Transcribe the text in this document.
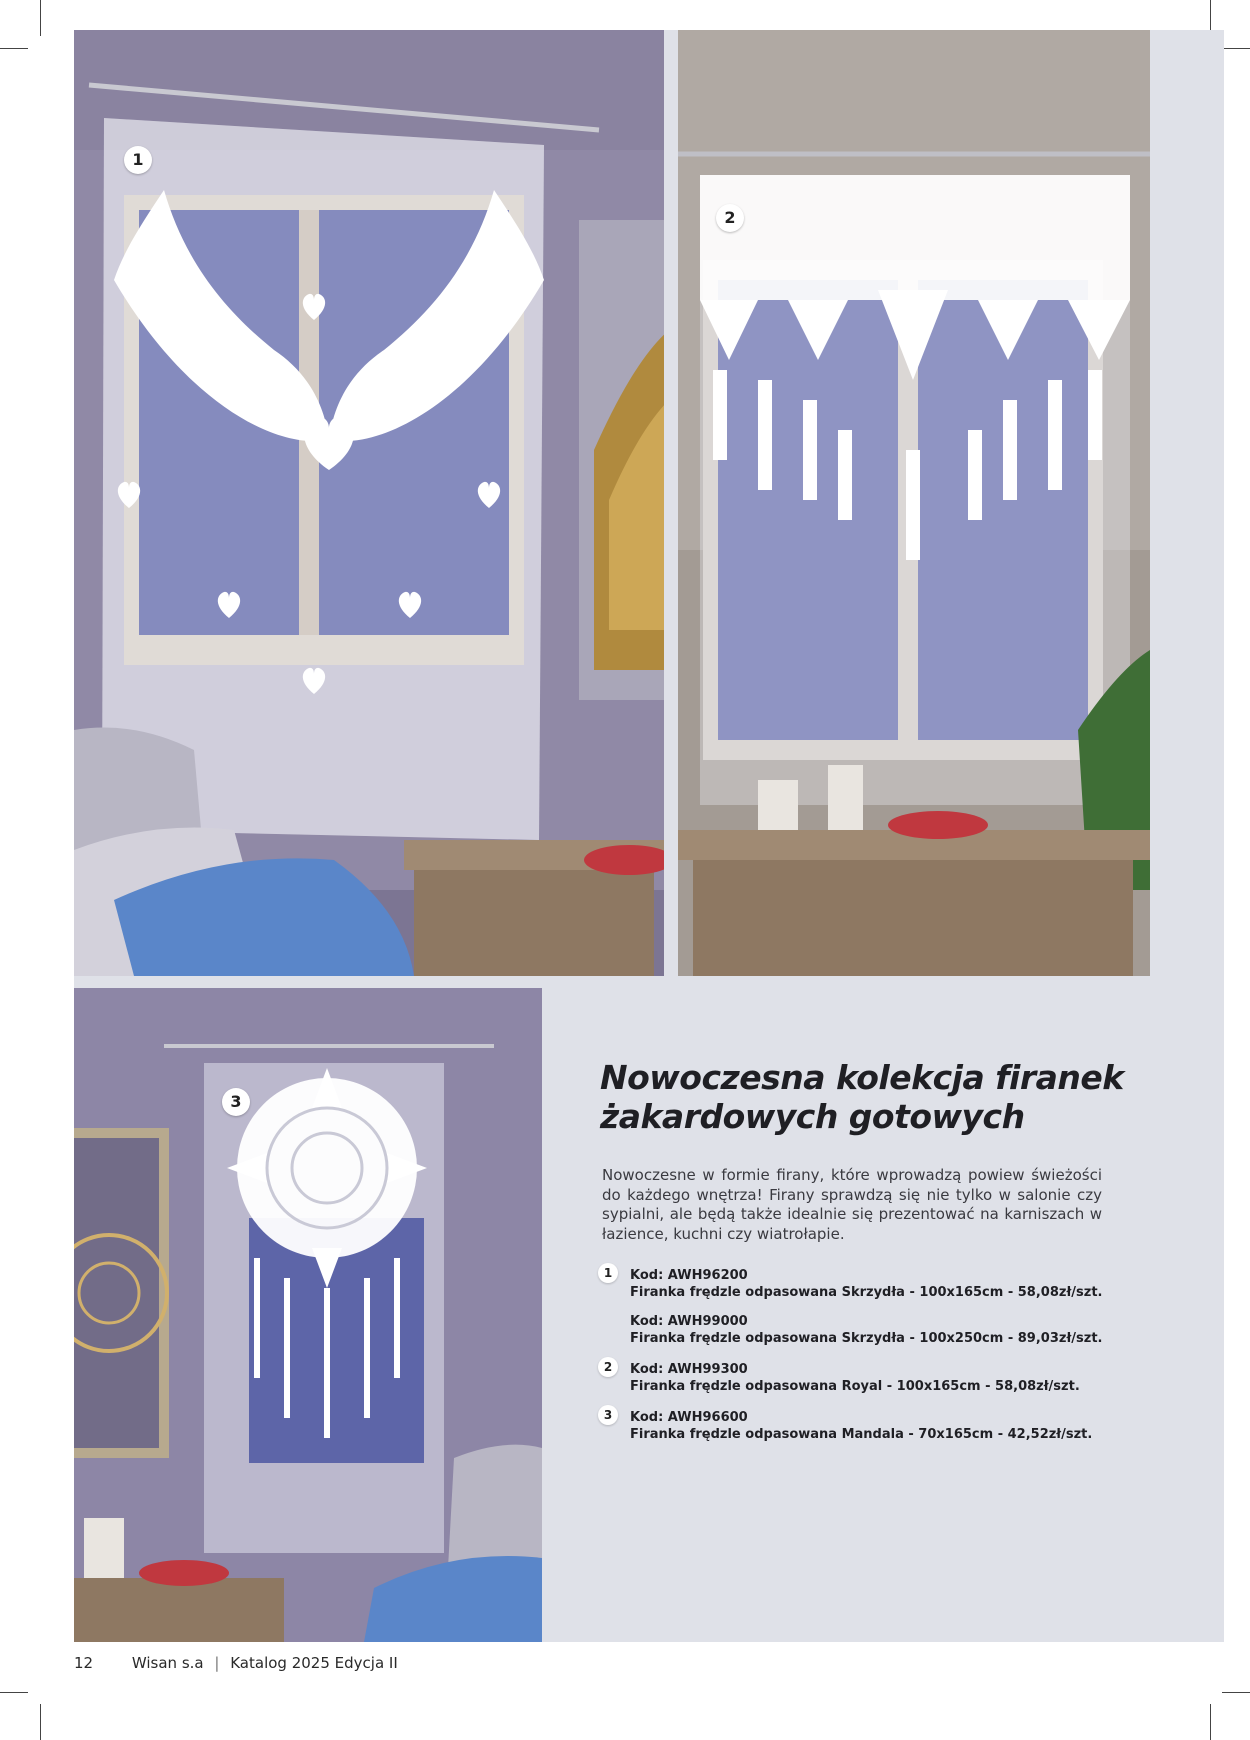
1
2
3
Nowoczesna kolekcja firanek
żakardowych gotowych
Nowoczesne w formie firany, które wprowadzą powiew świeżości do każdego wnętrza! Firany sprawdzą się nie tylko w salonie czy sypialni, ale będą także idealnie się prezentować na karniszach w łazience, kuchni czy wiatrołapie.
1	Kod: AWH96200
Firanka frędzle odpasowana Skrzydła - 100x165cm - 58,08zł/szt.
Kod: AWH99000
Firanka frędzle odpasowana Skrzydła - 100x250cm - 89,03zł/szt.
2	Kod: AWH99300
Firanka frędzle odpasowana Royal - 100x165cm - 58,08zł/szt.
3	Kod: AWH96600
Firanka frędzle odpasowana Mandala - 70x165cm - 42,52zł/szt.
12	Wisan s.a | Katalog 2025 Edycja II
